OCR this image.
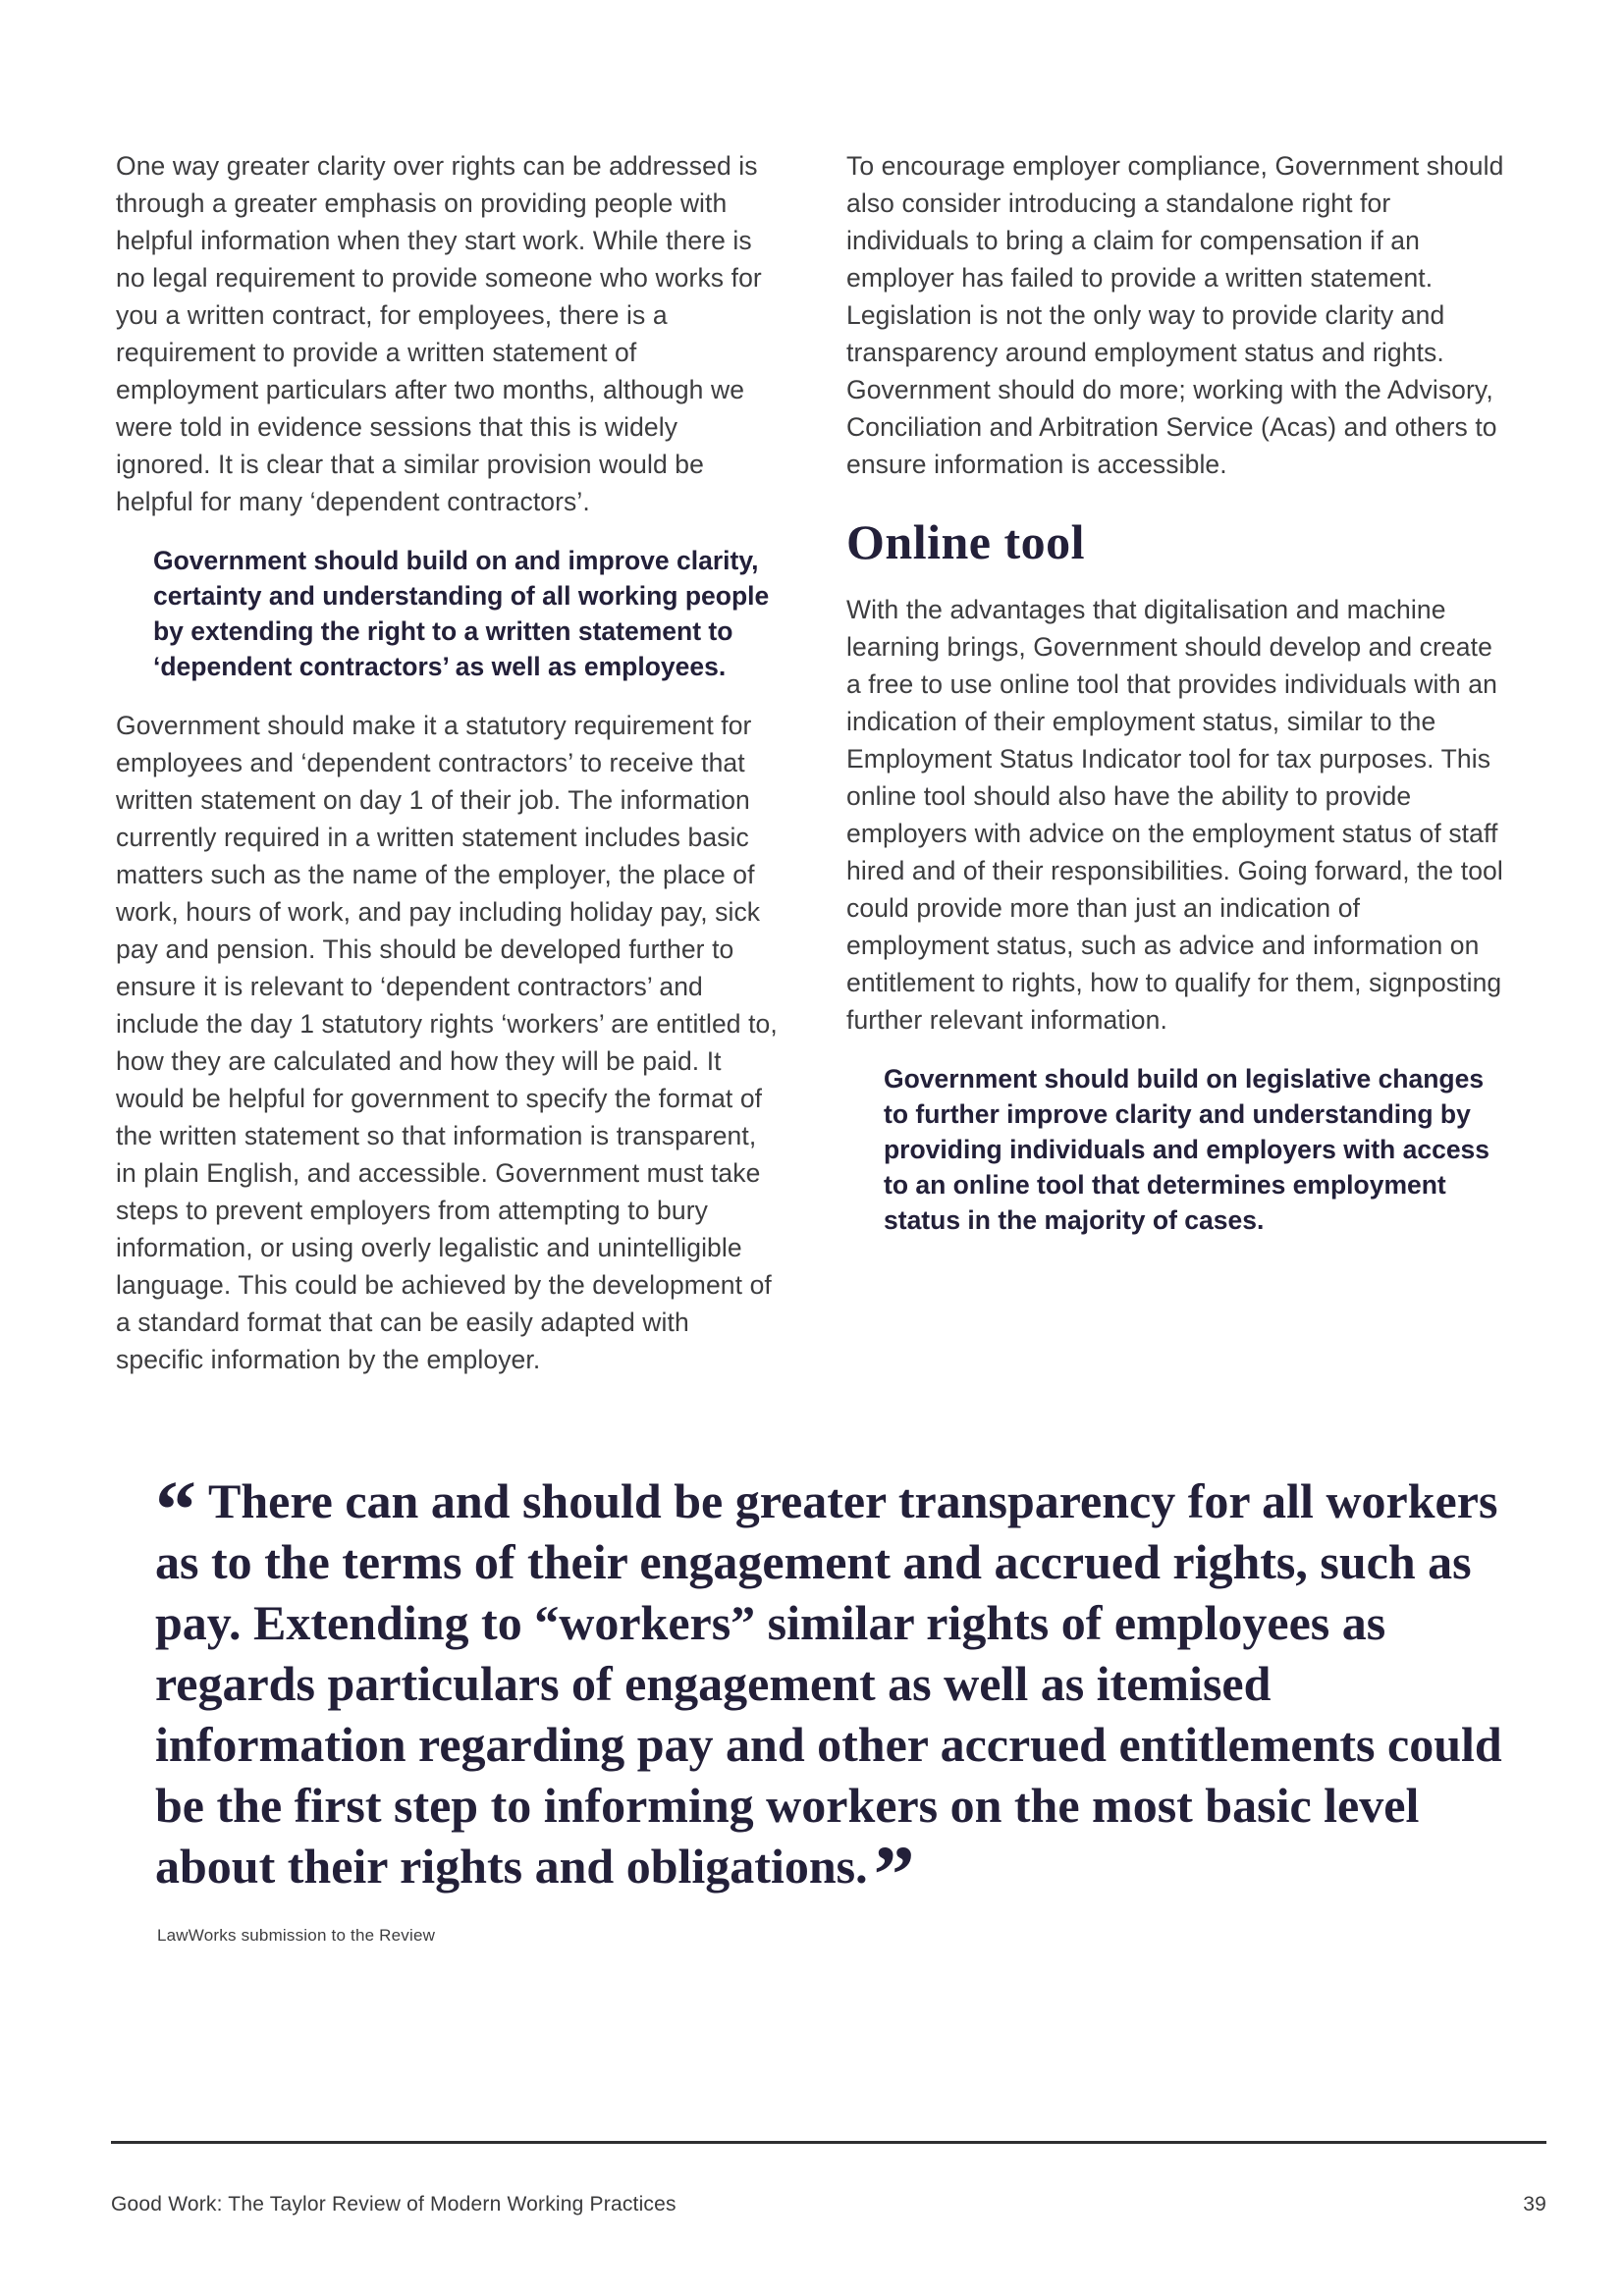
One way greater clarity over rights can be addressed is through a greater emphasis on providing people with helpful information when they start work. While there is no legal requirement to provide someone who works for you a written contract, for employees, there is a requirement to provide a written statement of employment particulars after two months, although we were told in evidence sessions that this is widely ignored. It is clear that a similar provision would be helpful for many ‘dependent contractors’.

Government should build on and improve clarity, certainty and understanding of all working people by extending the right to a written statement to ‘dependent contractors’ as well as employees.

Government should make it a statutory requirement for employees and ‘dependent contractors’ to receive that written statement on day 1 of their job. The information currently required in a written statement includes basic matters such as the name of the employer, the place of work, hours of work, and pay including holiday pay, sick pay and pension. This should be developed further to ensure it is relevant to ‘dependent contractors’ and include the day 1 statutory rights ‘workers’ are entitled to, how they are calculated and how they will be paid. It would be helpful for government to specify the format of the written statement so that information is transparent, in plain English, and accessible. Government must take steps to prevent employers from attempting to bury information, or using overly legalistic and unintelligible language. This could be achieved by the development of a standard format that can be easily adapted with specific information by the employer.

To encourage employer compliance, Government should also consider introducing a standalone right for individuals to bring a claim for compensation if an employer has failed to provide a written statement. Legislation is not the only way to provide clarity and transparency around employment status and rights. Government should do more; working with the Advisory, Conciliation and Arbitration Service (Acas) and others to ensure information is accessible.

Online tool

With the advantages that digitalisation and machine learning brings, Government should develop and create a free to use online tool that provides individuals with an indication of their employment status, similar to the Employment Status Indicator tool for tax purposes. This online tool should also have the ability to provide employers with advice on the employment status of staff hired and of their responsibilities. Going forward, the tool could provide more than just an indication of employment status, such as advice and information on entitlement to rights, how to qualify for them, signposting further relevant information.

Government should build on legislative changes to further improve clarity and understanding by providing individuals and employers with access to an online tool that determines employment status in the majority of cases.

“ There can and should be greater transparency for all workers as to the terms of their engagement and accrued rights, such as pay. Extending to “workers” similar rights of employees as regards particulars of engagement as well as itemised information regarding pay and other accrued entitlements could be the first step to informing workers on the most basic level about their rights and obligations.”

LawWorks submission to the Review

Good Work: The Taylor Review of Modern Working Practices	39
